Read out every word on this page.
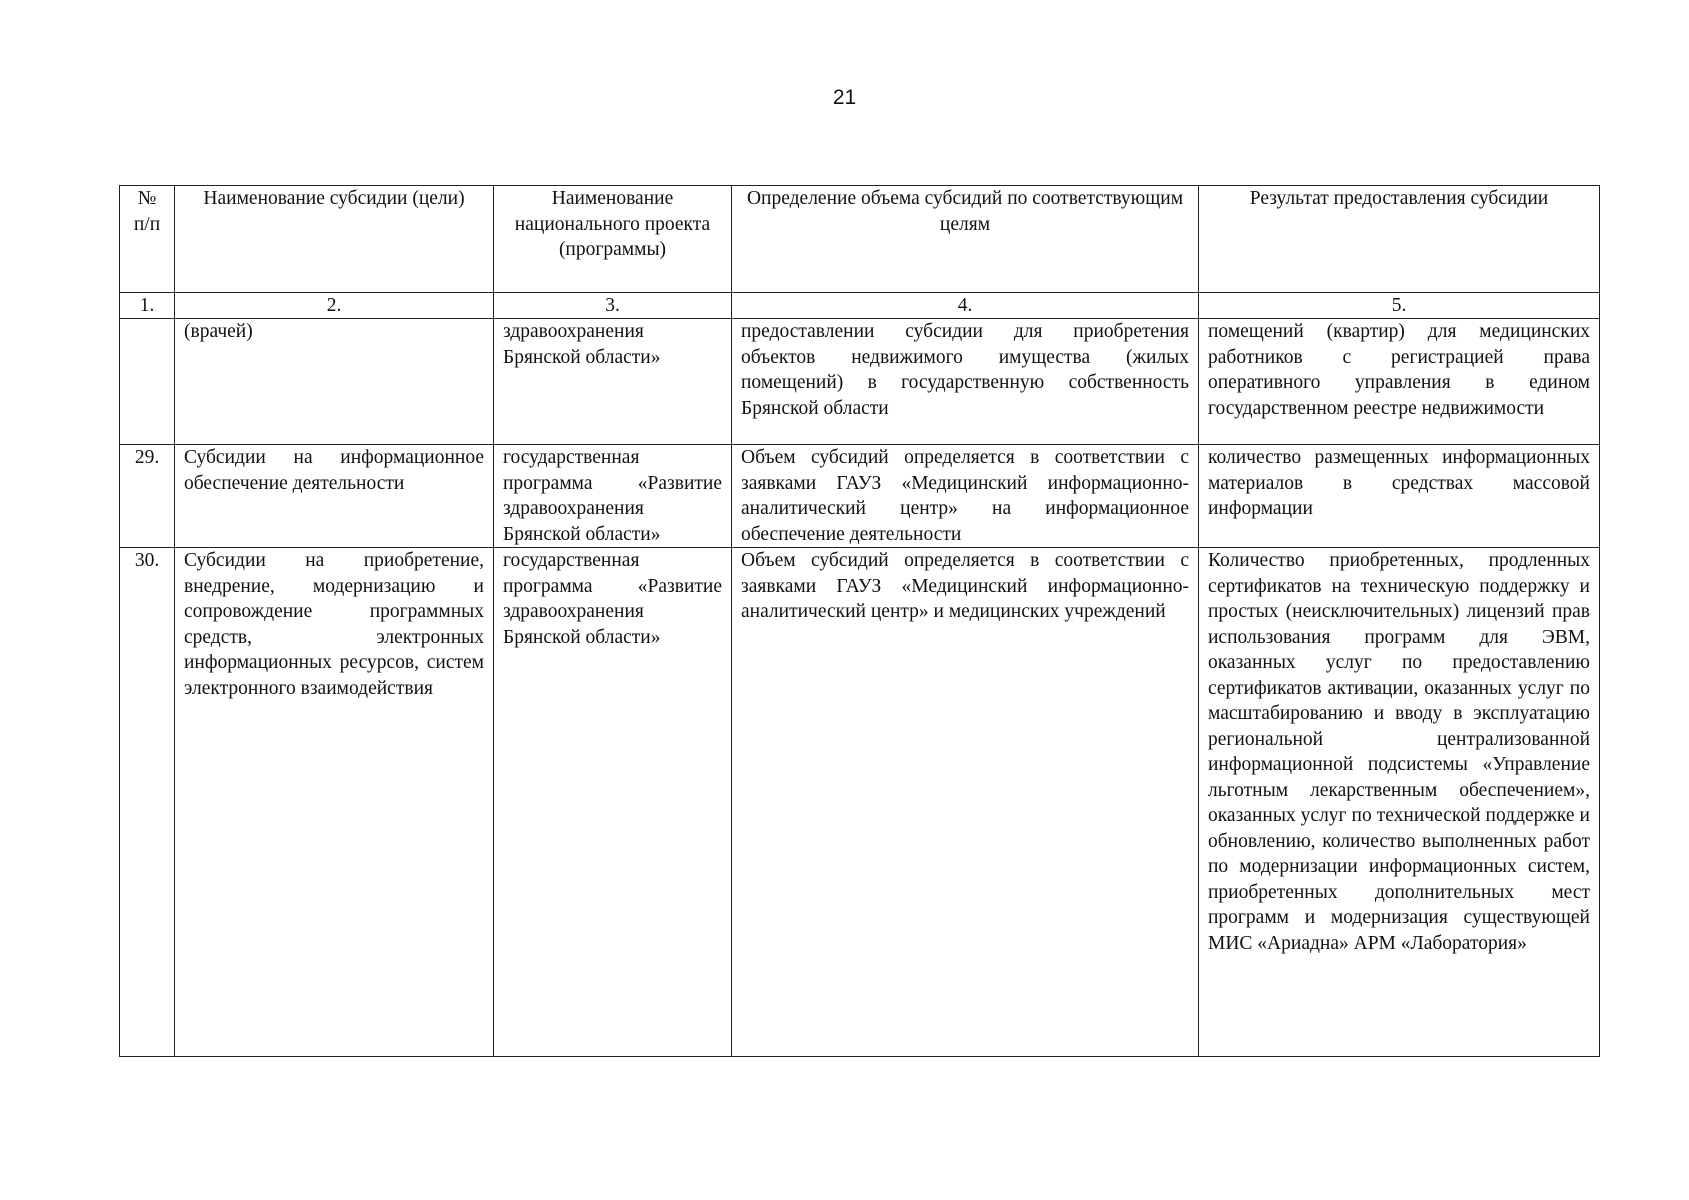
21
№ п/п	Наименование субсидии (цели)	Наименование национального проекта (программы)	Определение объема субсидий по соответствующим целям	Результат предоставления субсидии
1.	2.	3.	4.	5.
	(врачей)	здравоохранения Брянской области»	предоставлении субсидии для приобретения объектов недвижимого имущества (жилых помещений) в государственную собственность Брянской области	помещений (квартир) для медицинских работников с регистрацией права оперативного управления в едином государственном реестре недвижимости
29.	Субсидии на информационное обеспечение деятельности	государственная программа «Развитие здравоохранения Брянской области»	Объем субсидий определяется в соответствии с заявками ГАУЗ «Медицинский информационно-аналитический центр» на информационное обеспечение деятельности	количество размещенных информационных материалов в средствах массовой информации
30.	Субсидии на приобретение, внедрение, модернизацию и сопровождение программных средств, электронных информационных ресурсов, систем электронного взаимодействия	государственная программа «Развитие здравоохранения Брянской области»	Объем субсидий определяется в соответствии с заявками ГАУЗ «Медицинский информационно-аналитический центр» и медицинских учреждений	Количество приобретенных, продленных сертификатов на техническую поддержку и простых (неисключительных) лицензий прав использования программ для ЭВМ, оказанных услуг по предоставлению сертификатов активации, оказанных услуг по масштабированию и вводу в эксплуатацию региональной централизованной информационной подсистемы «Управление льготным лекарственным обеспечением», оказанных услуг по технической поддержке и обновлению, количество выполненных работ по модернизации информационных систем, приобретенных дополнительных мест программ и модернизация существующей МИС «Ариадна» АРМ «Лаборатория»
